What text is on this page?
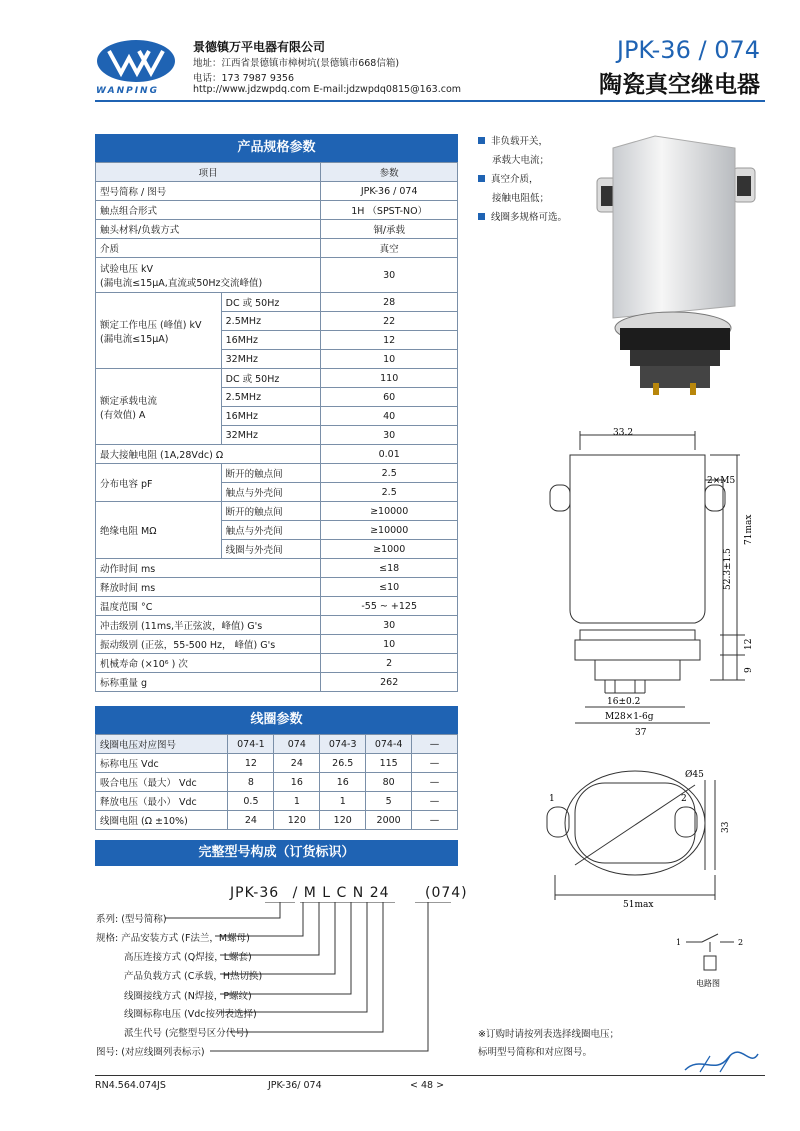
WANPING
景德镇万平电器有限公司
地址：江西省景德镇市樟树坑(景德镇市668信箱)
电话：173 7987 9356
http://www.jdzwpdq.com E-mail:jdzwpdq0815@163.com
JPK-36 / 074
陶瓷真空继电器
产品规格参数
项目		参数
型号简称 / 图号		JPK-36 / 074
触点组合形式		1H （SPST-NO）
触头材料/负载方式		铜/承载
介质		真空

试验电压 kV
(漏电流≤15μA,直流或50Hz交流峰值)		30

额定工作电压 (峰值) kV
(漏电流≤15μA)	DC 或 50Hz	28
	2.5MHz	22
	16MHz	12
	32MHz	10

额定承载电流
(有效值) A	DC 或 50Hz	110
	2.5MHz	60
	16MHz	40
	32MHz	30
最大接触电阻 (1A,28Vdc) Ω		0.01
分布电容 pF	断开的触点间	2.5
	触点与外壳间	2.5
绝缘电阻 MΩ	断开的触点间	≥10000
	触点与外壳间	≥10000
	线圈与外壳间	≥1000
动作时间 ms		≤18
释放时间 ms		≤10
温度范围 °C		-55 ~ +125
冲击级别 (11ms,半正弦波，峰值) G's		30
振动级别 (正弦，55-500 Hz， 峰值) G's		10
机械寿命 (×10⁶ ) 次		2
标称重量 g		262
线圈参数
线圈电压对应图号	074-1	074	074-3	074-4	—
标称电压 Vdc	12	24	26.5	115	—
吸合电压（最大） Vdc	8	16	16	80	—
释放电压（最小） Vdc	0.5	1	1	5	—
线圈电阻 (Ω ±10%)	24	120	120	2000	—
完整型号构成（订货标识）
JPK-36 / M L C N 24	(074)
系列: (型号简称)
规格: 产品安装方式 (F法兰，M螺母)
高压连接方式 (Q焊接，L螺套)
产品负载方式 (C承载，H热切换)
线圈接线方式 (N焊接，P螺纹)
线圈标称电压 (Vdc按列表选择)
派生代号 (完整型号区分代号)
图号: (对应线圈列表标示)
非负载开关，
承载大电流；
真空介质，
接触电阻低；
线圈多规格可选。
33.2
2×M5
71max
52.3±1.5
12
9
16±0.2
M28×1-6g
37
Ø45
1	2
33
51max
1	2
电路图
※订购时请按列表选择线圈电压；
标明型号简称和对应图号。
RN4.564.074JS	JPK-36/ 074	< 48 >
